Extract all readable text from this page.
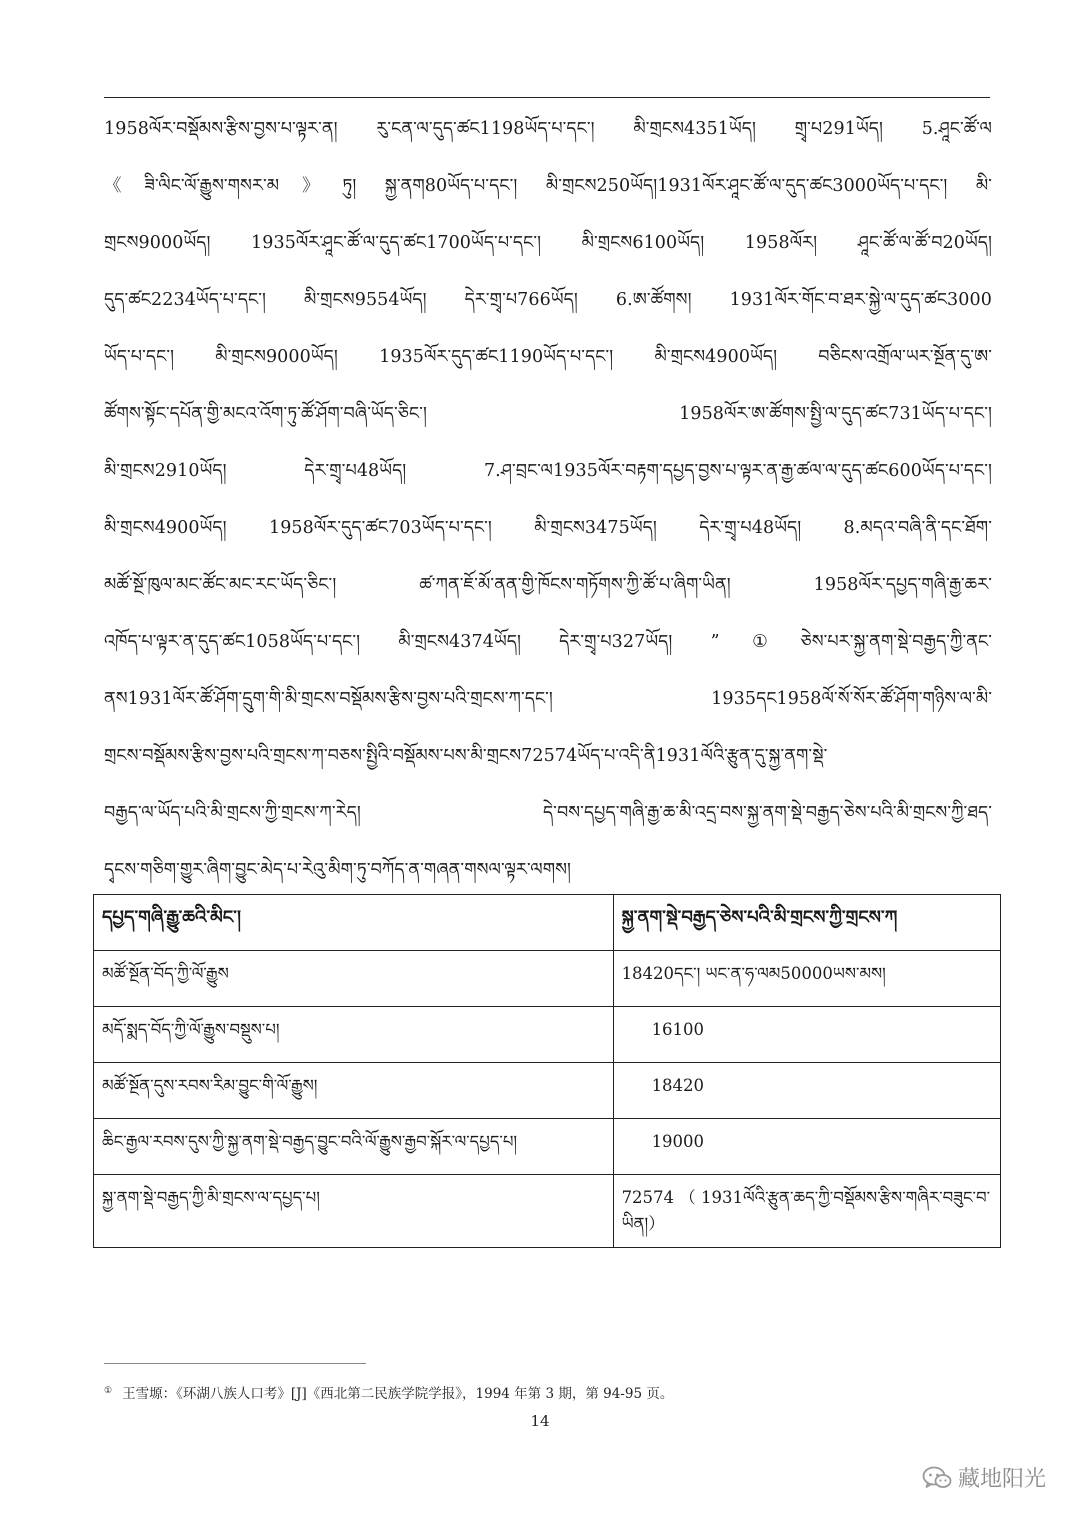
1958ལོར་བསྡོམས་རྩིས་བྱས་པ་ལྟར་ན། རུ་ངན་ལ་དུད་ཚང1198ཡོད་པ་དང་། མི་གྲངས4351ཡོད། གྲྭ་པ291ཡོད། 5.ཤཱང་ཚོ་ལ
《ཟི་ལིང་ལོ་རྒྱུས་གསར་མ》ཏུ། སྐྱ་ནག80ཡོད་པ་དང་། མི་གྲངས250ཡོད།1931ལོར་ཤཱང་ཚོ་ལ་དུད་ཚང3000ཡོད་པ་དང་། མི་
གྲངས9000ཡོད། 1935ལོར་ཤཱང་ཚོ་ལ་དུད་ཚང1700ཡོད་པ་དང་། མི་གྲངས6100ཡོད། 1958ལོར། ཤཱང་ཚོ་ལ་ཚོ་བ20ཡོད།
དུད་ཚང2234ཡོད་པ་དང་། མི་གྲངས9554ཡོད། དེར་གྲྭ་པ766ཡོད། 6.ཨ་ཚོགས། 1931ལོར་གོང་བ་ཐར་སྐྱེ་ལ་དུད་ཚང3000
ཡོད་པ་དང་། མི་གྲངས9000ཡོད། 1935ལོར་དུད་ཚང1190ཡོད་པ་དང་། མི་གྲངས4900ཡོད། བཅིངས་འགྲོལ་ཡར་སྔོན་དུ་ཨ་
ཚོགས་སྟོང་དཔོན་གྱི་མངའ་འོག་ཏུ་ཚོ་ཤོག་བཞི་ཡོད་ཅིང་། 1958ལོར་ཨ་ཚོགས་སྤྱི་ལ་དུད་ཚང731ཡོད་པ་དང་།
མི་གྲངས2910ཡོད། དེར་གྲྭ་པ48ཡོད། 7.ཤ་བྲང་ལ1935ལོར་བརྟག་དཔྱད་བྱས་པ་ལྟར་ན་རྒྱ་ཚལ་ལ་དུད་ཚང600ཡོད་པ་དང་།
མི་གྲངས4900ཡོད། 1958ལོར་དུད་ཚང703ཡོད་པ་དང་། མི་གྲངས3475ཡོད། དེར་གྲྭ་པ48ཡོད། 8.མདའ་བཞི་ནི་དང་ཐོག་
མཚོ་སྔོ་ཁུལ་མང་ཚོང་མང་རང་ཡོད་ཅིང་། ཚ་ཀན་ཇོ་མོ་ནན་གྱི་ཁོངས་གཏོགས་ཀྱི་ཚོ་པ་ཞིག་ཡིན། 1958ལོར་དཔྱད་གཞི་རྒྱ་ཆར་
འཁོད་པ་ལྟར་ན་དུད་ཚང1058ཡོད་པ་དང་། མི་གྲངས4374ཡོད། དེར་གྲྭ་པ327ཡོད། ”①ཅེས་པར་སྐྱ་ནག་སྡེ་བརྒྱད་ཀྱི་ནང་
ནས1931ལོར་ཚོ་ཤོག་དྲུག་གི་མི་གྲངས་བསྡོམས་རྩིས་བྱས་པའི་གྲངས་ཀ་དང་། 1935དང1958ལོ་སོ་སོར་ཚོ་ཤོག་གཉིས་ལ་མི་
གྲངས་བསྡོམས་རྩིས་བྱས་པའི་གྲངས་ཀ་བཅས་སྤྱིའི་བསྡོམས་པས་མི་གྲངས72574ཡོད་པ་འདི་ནི1931ལོའི་རྩུན་དུ་སྐྱ་ནག་སྡེ་
བརྒྱད་ལ་ཡོད་པའི་མི་གྲངས་ཀྱི་གྲངས་ཀ་རེད། དེ་བས་དཔྱད་གཞི་རྒྱ་ཆ་མི་འདྲ་བས་སྐྱ་ནག་སྡེ་བརྒྱད་ཅེས་པའི་མི་གྲངས་ཀྱི་ཐད་
དྭངས་གཅིག་གྱུར་ཞིག་བྱུང་མེད་པ་རེའུ་མིག་ཏུ་བཀོད་ན་གཞན་གསལ་ལྟར་ལགས།
དཔྱད་གཞི་རྒྱུ་ཆའི་མིང་།	སྐྱ་ནག་སྡེ་བརྒྱད་ཅེས་པའི་མི་གྲངས་ཀྱི་གྲངས་ཀ

མཚོ་སྔོན་བོད་ཀྱི་ལོ་རྒྱུས	18420དང་། ཡང་ན་ཧ་ལམ50000ཡས་མས།

མདོ་སྨད་བོད་ཀྱི་ལོ་རྒྱུས་བསྡུས་པ།	16100

མཚོ་སྔོན་དུས་རབས་རིམ་བྱུང་གི་ལོ་རྒྱུས།	18420

ཆིང་རྒྱལ་རབས་དུས་ཀྱི་སྐྱ་ནག་སྡེ་བརྒྱད་བྱུང་བའི་ལོ་རྒྱུས་རྒྱབ་སྐོར་ལ་དཔྱད་པ།	19000

སྐྱ་ནག་སྡེ་བརྒྱད་ཀྱི་མི་གྲངས་ལ་དཔྱད་པ།	72574 （ 1931ལོའི་རྩུན་ཆད་ཀྱི་བསྡོམས་རྩིས་གཞིར་བཟུང་བ་ཡིན།）
① 王雪塬：《环湖八族人口考》[J]《西北第二民族学院学报》，1994 年第 3 期，第 94-95 页。
14
藏地阳光
